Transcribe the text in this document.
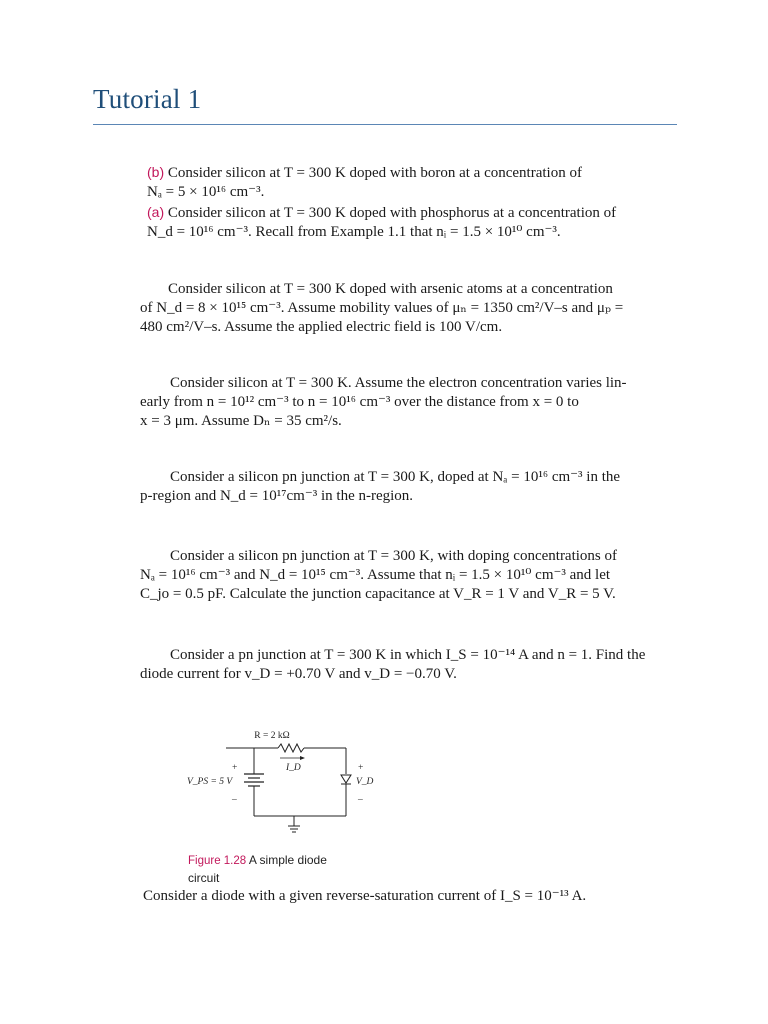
Tutorial 1
(b) Consider silicon at T = 300 K doped with boron at a concentration of
Nₐ = 5 × 10¹⁶ cm⁻³.
(a) Consider silicon at T = 300 K doped with phosphorus at a concentration of
N_d = 10¹⁶ cm⁻³. Recall from Example 1.1 that nᵢ = 1.5 × 10¹⁰ cm⁻³.
Consider silicon at T = 300 K doped with arsenic atoms at a concentration
of N_d = 8 × 10¹⁵ cm⁻³. Assume mobility values of μₙ = 1350 cm²/V–s and μₚ =
480 cm²/V–s. Assume the applied electric field is 100 V/cm.
Consider silicon at T = 300 K. Assume the electron concentration varies lin-
early from n = 10¹² cm⁻³ to n = 10¹⁶ cm⁻³ over the distance from x = 0 to
x = 3 μm. Assume Dₙ = 35 cm²/s.
Consider a silicon pn junction at T = 300 K, doped at Nₐ = 10¹⁶ cm⁻³ in the
p-region and N_d = 10¹⁷cm⁻³ in the n-region.
Consider a silicon pn junction at T = 300 K, with doping concentrations of
Nₐ = 10¹⁶ cm⁻³ and N_d = 10¹⁵ cm⁻³. Assume that nᵢ = 1.5 × 10¹⁰ cm⁻³ and let
C_jo = 0.5 pF. Calculate the junction capacitance at V_R = 1 V and V_R = 5 V.
Consider a pn junction at T = 300 K in which I_S = 10⁻¹⁴ A and n = 1. Find the
diode current for v_D = +0.70 V and v_D = −0.70 V.
R = 2 kΩ
I_D
+
–
V_PS = 5 V
+
–
V_D
Figure 1.28 A simple diode
circuit
Consider a diode with a given reverse-saturation current of I_S = 10⁻¹³ A.
